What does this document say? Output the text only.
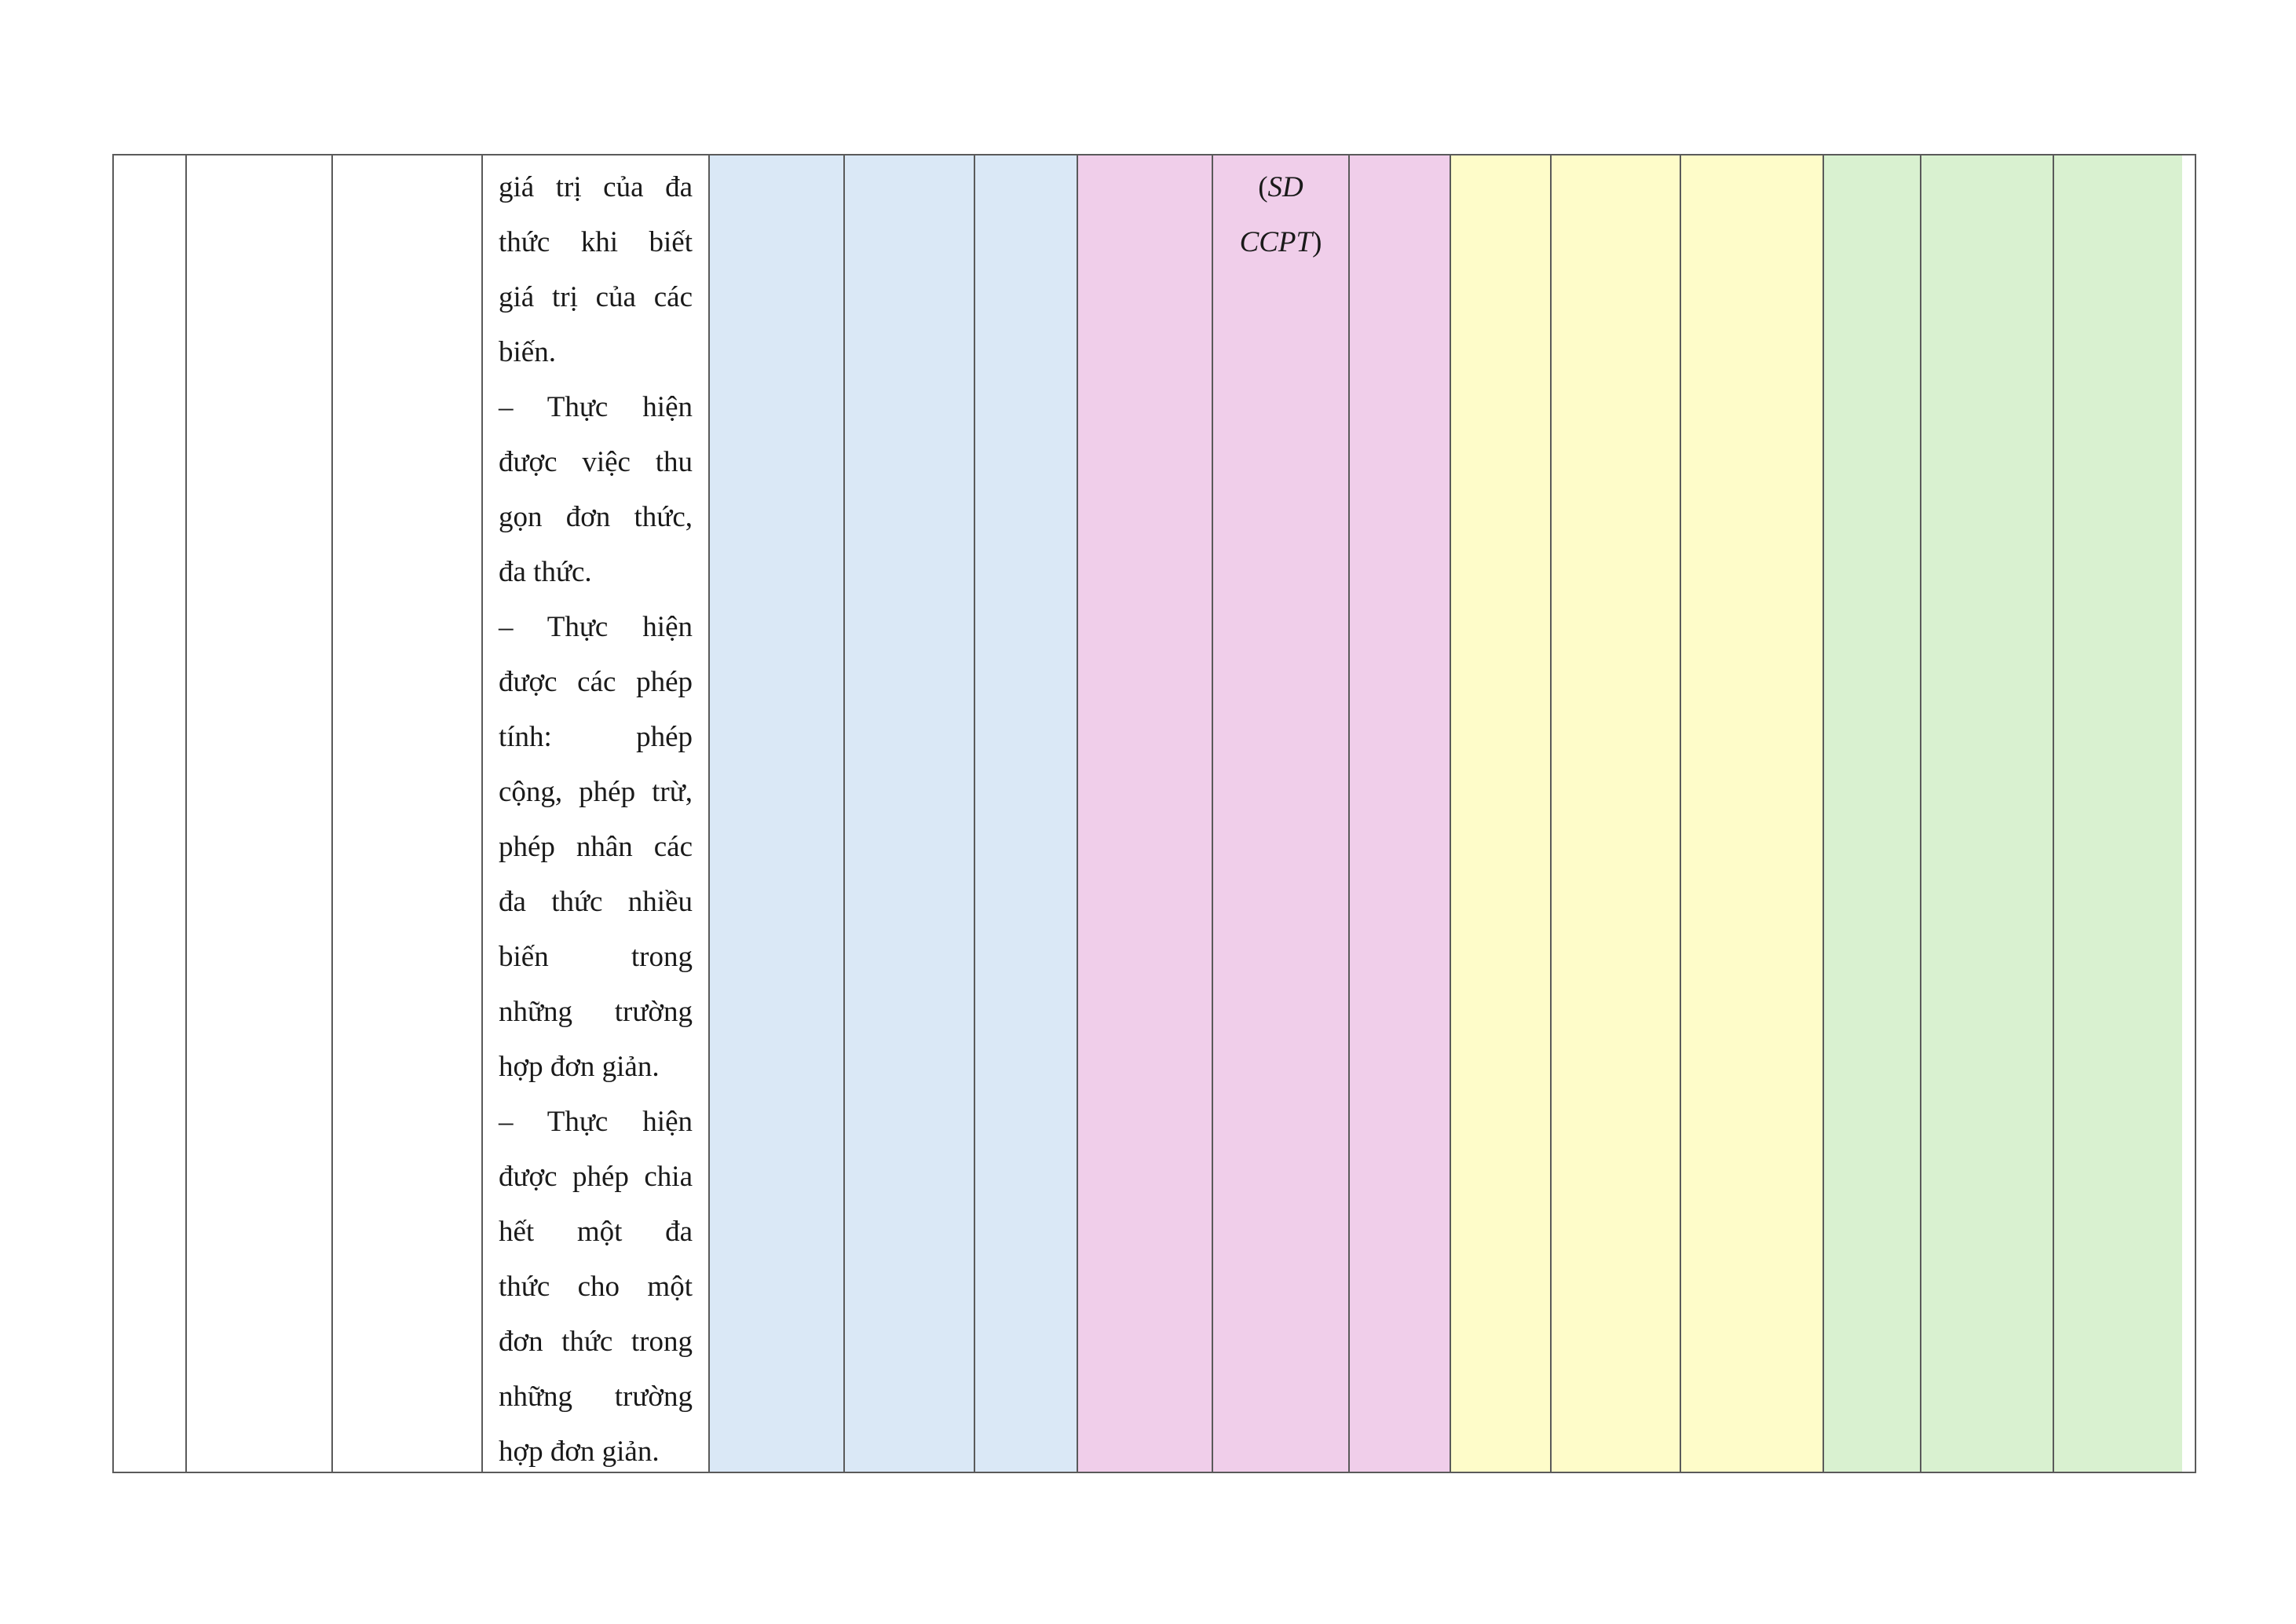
giá trị của đa
thức khi biết
giá trị của các
biến.
– Thực hiện
được việc thu
gọn đơn thức,
đa thức.
– Thực hiện
được các phép
tính: phép
cộng, phép trừ,
phép nhân các
đa thức nhiều
biến trong
những trường
hợp đơn giản.
– Thực hiện
được phép chia
hết một đa
thức cho một
đơn thức trong
những trường
hợp đơn giản.
(SD
CCPT)
